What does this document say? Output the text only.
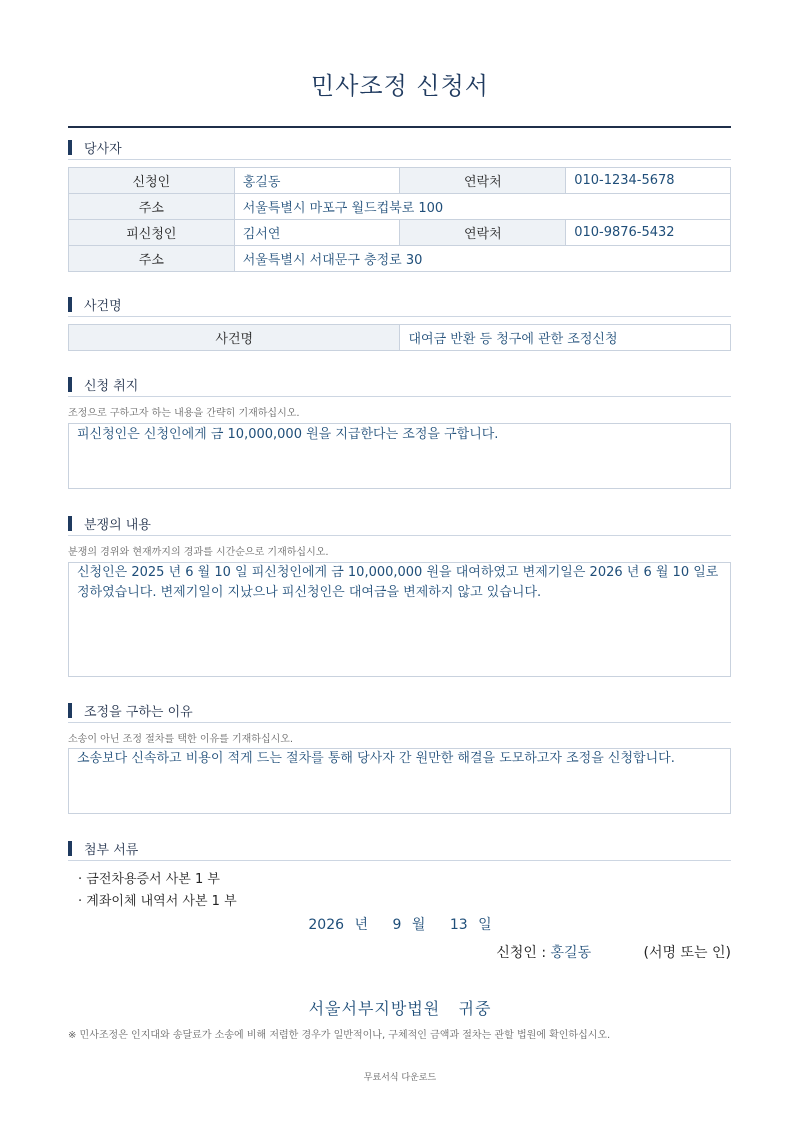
민사조정 신청서
당사자
신청인	홍길동	연락처	010-1234-5678
주소	서울특별시 마포구 월드컵북로 100		
피신청인	김서연	연락처	010-9876-5432
주소	서울특별시 서대문구 충정로 30		
사건명
사건명	대여금 반환 등 청구에 관한 조정신청
신청 취지
조정으로 구하고자 하는 내용을 간략히 기재하십시오.
피신청인은 신청인에게 금 10,000,000 원을 지급한다는 조정을 구합니다.
분쟁의 내용
분쟁의 경위와 현재까지의 경과를 시간순으로 기재하십시오.
신청인은 2025 년 6 월 10 일 피신청인에게 금 10,000,000 원을 대여하였고 변제기일은 2026 년 6 월 10 일로 정하였습니다. 변제기일이 지났으나 피신청인은 대여금을 변제하지 않고 있습니다.
조정을 구하는 이유
소송이 아닌 조정 절차를 택한 이유를 기재하십시오.
소송보다 신속하고 비용이 적게 드는 절차를 통해 당사자 간 원만한 해결을 도모하고자 조정을 신청합니다.
첨부 서류
· 금전차용증서 사본 1 부
· 계좌이체 내역서 사본 1 부
2026 년 9 월 13 일
신청인 : 홍길동	(서명 또는 인)
서울서부지방법원   귀중
※ 민사조정은 인지대와 송달료가 소송에 비해 저렴한 경우가 일반적이나, 구체적인 금액과 절차는 관할 법원에 확인하십시오.
무료서식 다운로드
